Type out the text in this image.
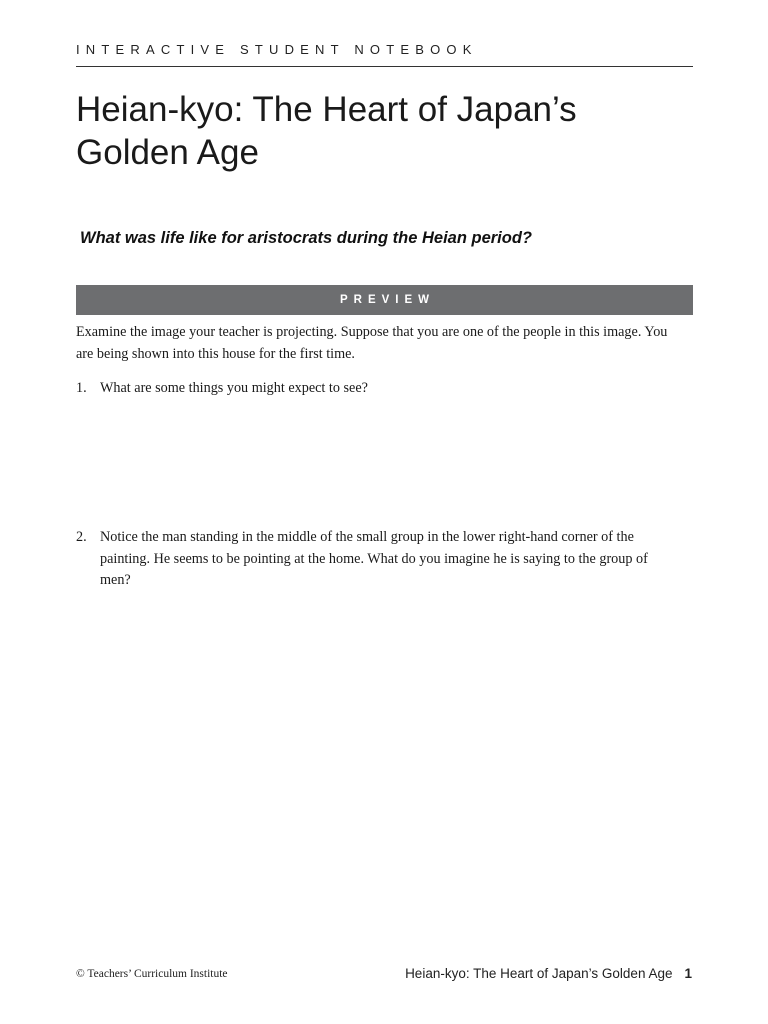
INTERACTIVE STUDENT NOTEBOOK
Heian-kyo: The Heart of Japan’s Golden Age
What was life like for aristocrats during the Heian period?
PREVIEW

Examine the image your teacher is projecting. Suppose that you are one of the people in this image. You are being shown into this house for the first time.

1. What are some things you might expect to see?
2. Notice the man standing in the middle of the small group in the lower right-hand corner of the painting. He seems to be pointing at the home. What do you imagine he is saying to the group of men?
© Teachers’ Curriculum Institute	Heian-kyo: The Heart of Japan’s Golden Age 1
